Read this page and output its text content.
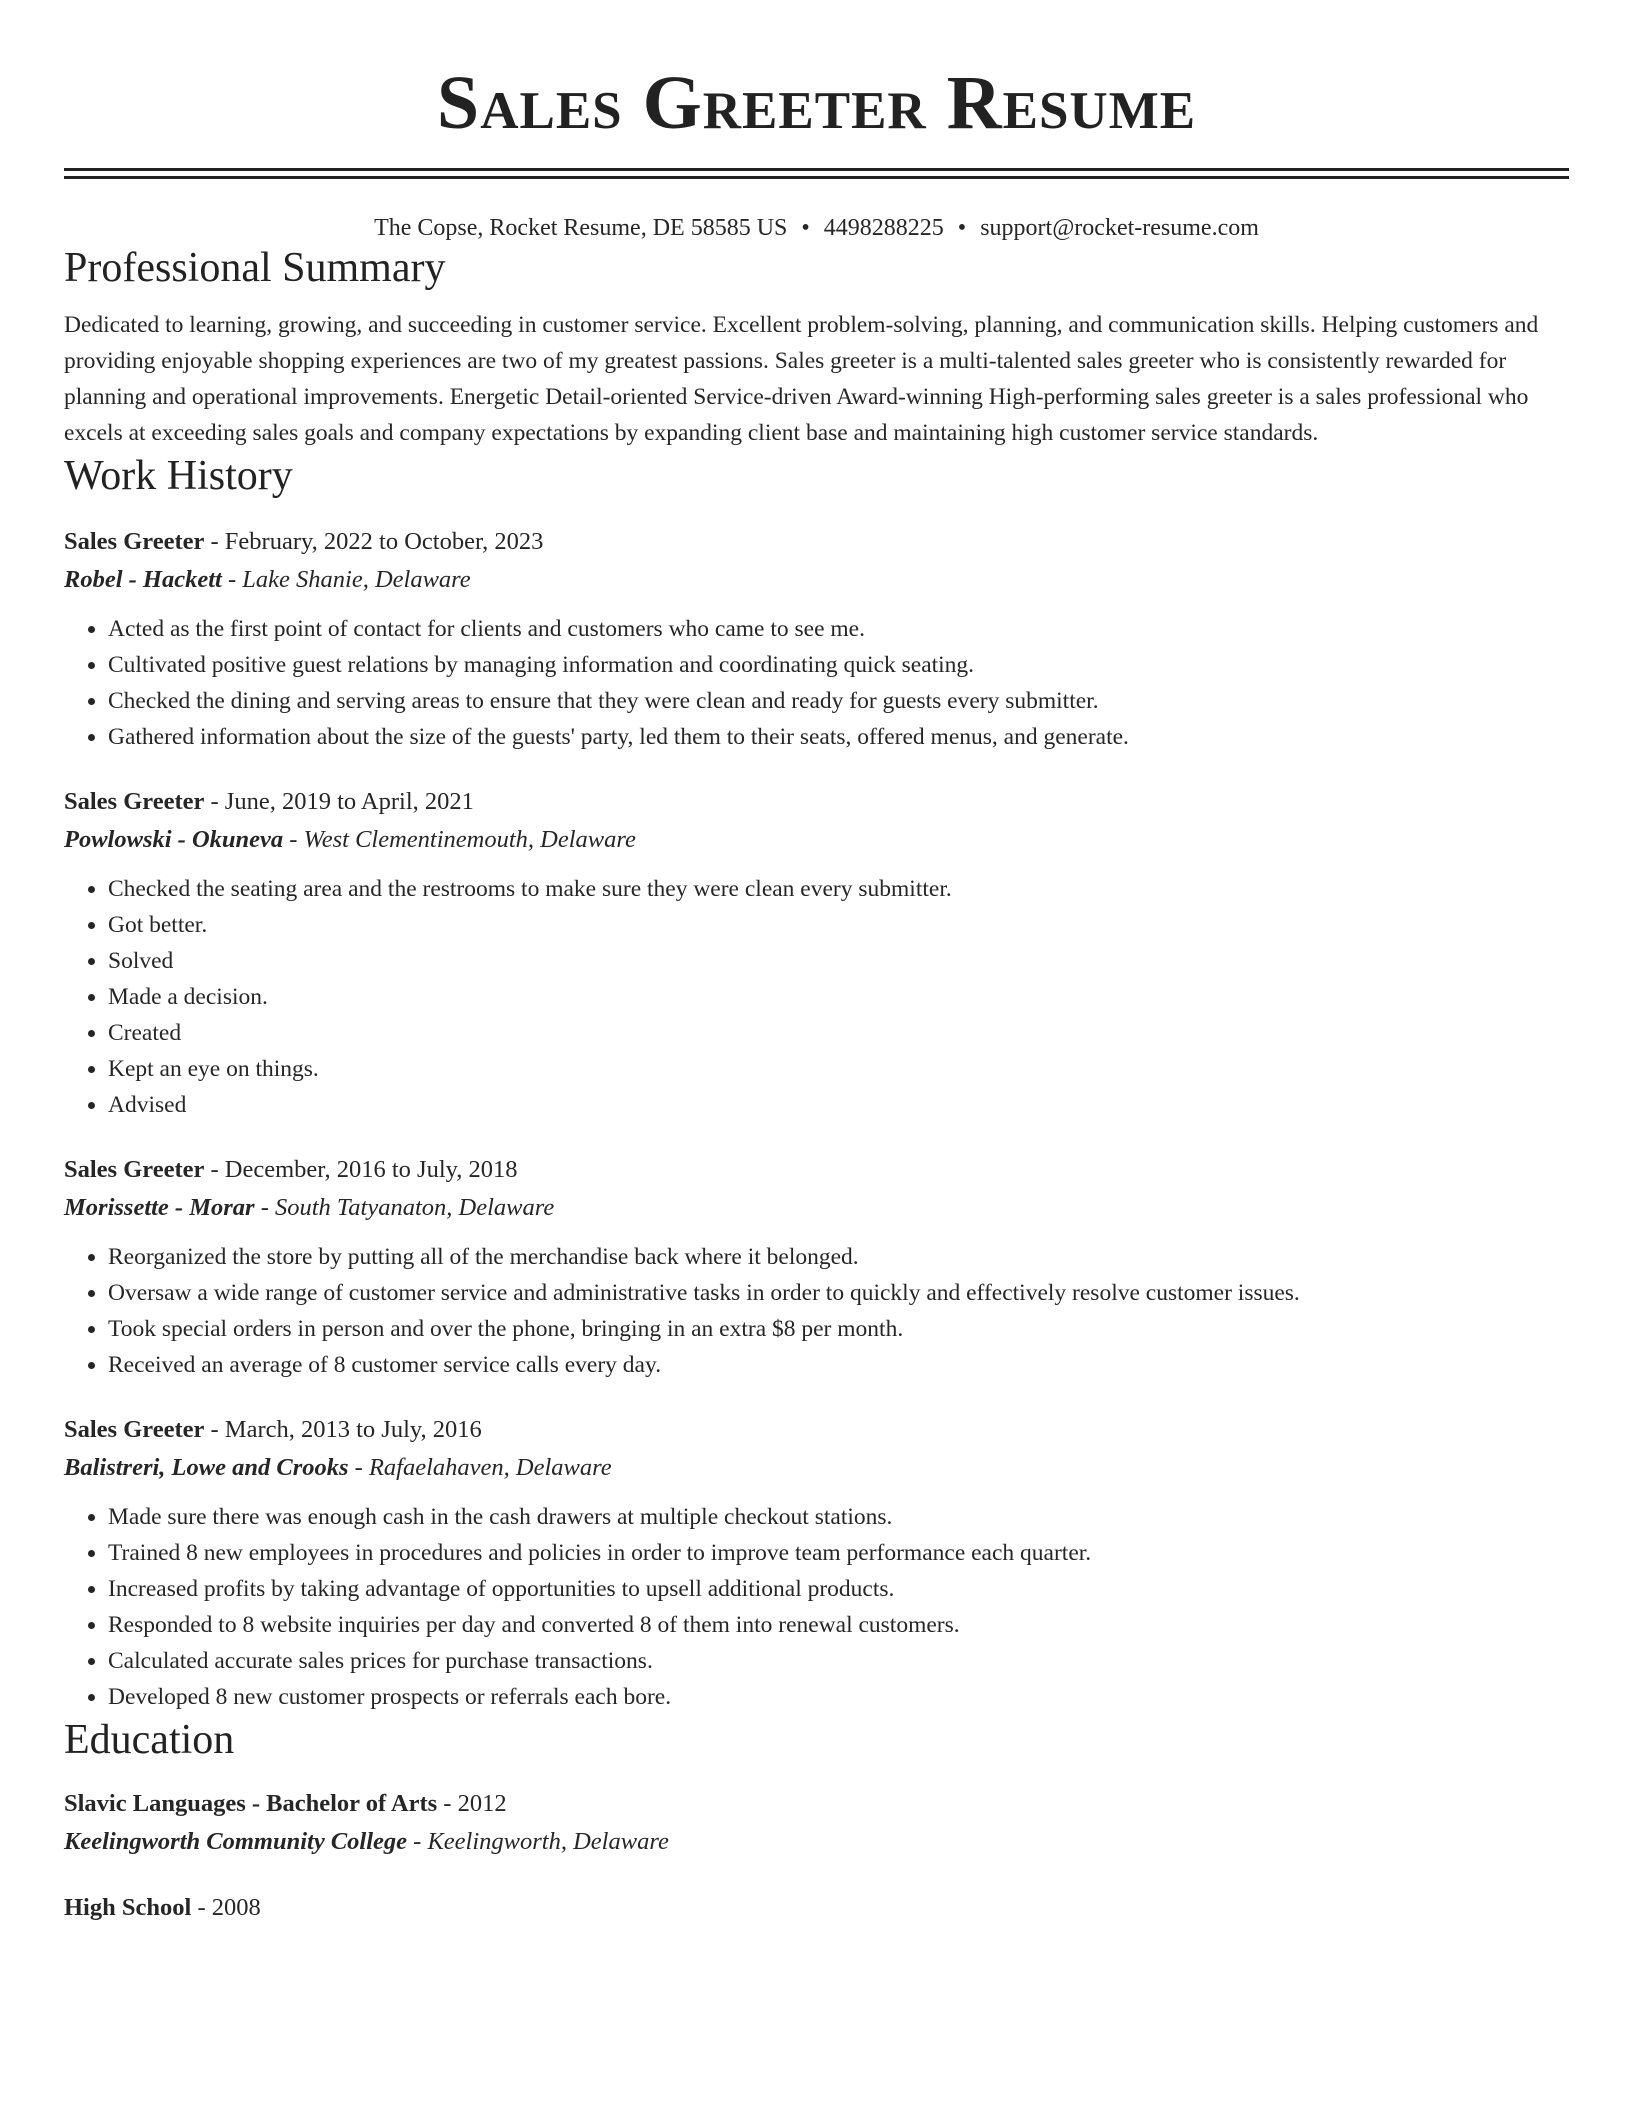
Sales Greeter Resume
The Copse, Rocket Resume, DE 58585 US • 4498288225 • support@rocket-resume.com
Professional Summary
Dedicated to learning, growing, and succeeding in customer service. Excellent problem-solving, planning, and communication skills. Helping customers and providing enjoyable shopping experiences are two of my greatest passions. Sales greeter is a multi-talented sales greeter who is consistently rewarded for planning and operational improvements. Energetic Detail-oriented Service-driven Award-winning High-performing sales greeter is a sales professional who excels at exceeding sales goals and company expectations by expanding client base and maintaining high customer service standards.
Work History
Sales Greeter - February, 2022 to October, 2023
Robel - Hackett - Lake Shanie, Delaware
• Acted as the first point of contact for clients and customers who came to see me.
• Cultivated positive guest relations by managing information and coordinating quick seating.
• Checked the dining and serving areas to ensure that they were clean and ready for guests every submitter.
• Gathered information about the size of the guests' party, led them to their seats, offered menus, and generate.
Sales Greeter - June, 2019 to April, 2021
Powlowski - Okuneva - West Clementinemouth, Delaware
• Checked the seating area and the restrooms to make sure they were clean every submitter.
• Got better.
• Solved
• Made a decision.
• Created
• Kept an eye on things.
• Advised
Sales Greeter - December, 2016 to July, 2018
Morissette - Morar - South Tatyanaton, Delaware
• Reorganized the store by putting all of the merchandise back where it belonged.
• Oversaw a wide range of customer service and administrative tasks in order to quickly and effectively resolve customer issues.
• Took special orders in person and over the phone, bringing in an extra $8 per month.
• Received an average of 8 customer service calls every day.
Sales Greeter - March, 2013 to July, 2016
Balistreri, Lowe and Crooks - Rafaelahaven, Delaware
• Made sure there was enough cash in the cash drawers at multiple checkout stations.
• Trained 8 new employees in procedures and policies in order to improve team performance each quarter.
• Increased profits by taking advantage of opportunities to upsell additional products.
• Responded to 8 website inquiries per day and converted 8 of them into renewal customers.
• Calculated accurate sales prices for purchase transactions.
• Developed 8 new customer prospects or referrals each bore.
Education
Slavic Languages - Bachelor of Arts - 2012
Keelingworth Community College - Keelingworth, Delaware
High School - 2008
